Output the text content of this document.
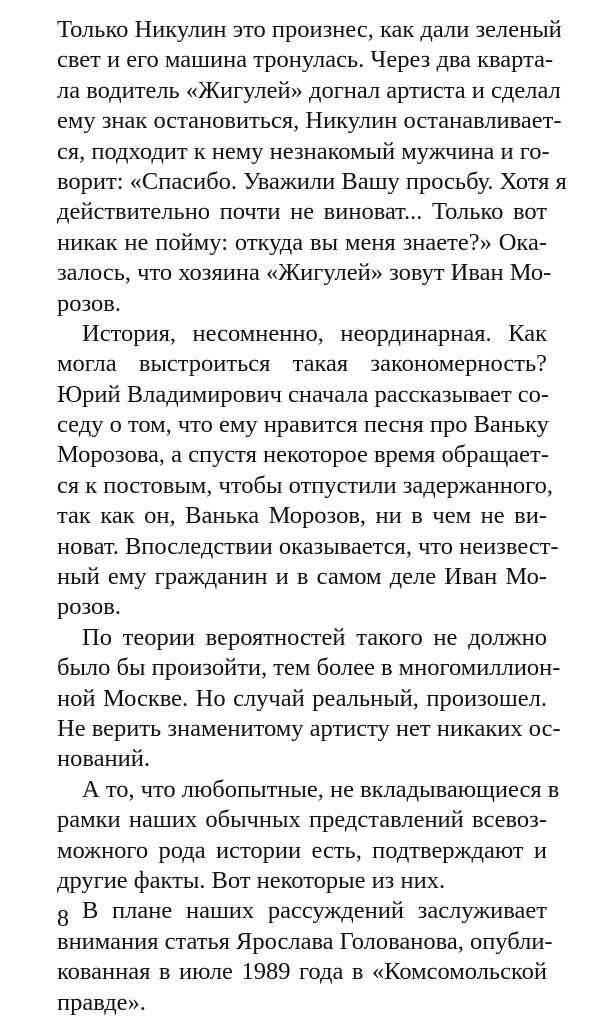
Только Никулин это произнес, как дали зеленый
свет и его машина тронулась. Через два кварта-
ла водитель «Жигулей» догнал артиста и сделал
ему знак остановиться, Никулин останавливает-
ся, подходит к нему незнакомый мужчина и го-
ворит: «Спасибо. Уважили Вашу просьбу. Хотя я
действительно почти не виноват... Только вот
никак не пойму: откуда вы меня знаете?» Ока-
залось, что хозяина «Жигулей» зовут Иван Мо-
розов.
История, несомненно, неординарная. Как
могла выстроиться такая закономерность?
Юрий Владимирович сначала рассказывает со-
седу о том, что ему нравится песня про Ваньку
Морозова, а спустя некоторое время обращает-
ся к постовым, чтобы отпустили задержанного,
так как он, Ванька Морозов, ни в чем не ви-
новат. Впоследствии оказывается, что неизвест-
ный ему гражданин и в самом деле Иван Мо-
розов.
По теории вероятностей такого не должно
было бы произойти, тем более в многомиллион-
ной Москве. Но случай реальный, произошел.
Не верить знаменитому артисту нет никаких ос-
нований.
А то, что любопытные, не вкладывающиеся в
рамки наших обычных представлений всевоз-
можного рода истории есть, подтверждают и
другие факты. Вот некоторые из них.
В плане наших рассуждений заслуживает
внимания статья Ярослава Голованова, опубли-
кованная в июле 1989 года в «Комсомольской
правде».
8
